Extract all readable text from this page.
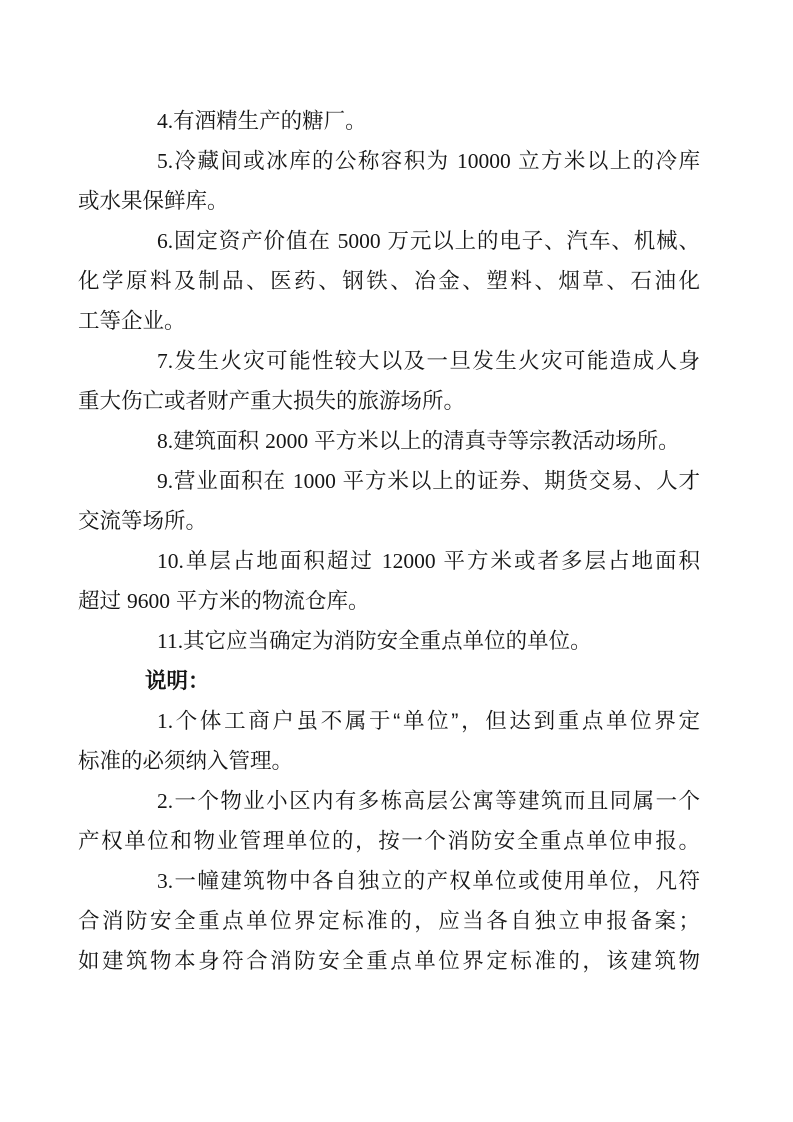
4.有酒精生产的糖厂。
5.冷藏间或冰库的公称容积为 10000 立方米以上的冷库
或水果保鲜库。
6.固定资产价值在 5000 万元以上的电子、汽车、机械、
化学原料及制品、医药、钢铁、冶金、塑料、烟草、石油化
工等企业。
7.发生火灾可能性较大以及一旦发生火灾可能造成人身
重大伤亡或者财产重大损失的旅游场所。
8.建筑面积 2000 平方米以上的清真寺等宗教活动场所。
9.营业面积在 1000 平方米以上的证券、期货交易、人才
交流等场所。
10.单层占地面积超过 12000 平方米或者多层占地面积
超过 9600 平方米的物流仓库。
11.其它应当确定为消防安全重点单位的单位。
说明：
1.个体工商户虽不属于“单位”，但达到重点单位界定
标准的必须纳入管理。
2.一个物业小区内有多栋高层公寓等建筑而且同属一个
产权单位和物业管理单位的，按一个消防安全重点单位申报。
3.一幢建筑物中各自独立的产权单位或使用单位，凡符
合消防安全重点单位界定标准的，应当各自独立申报备案；
如建筑物本身符合消防安全重点单位界定标准的，该建筑物
